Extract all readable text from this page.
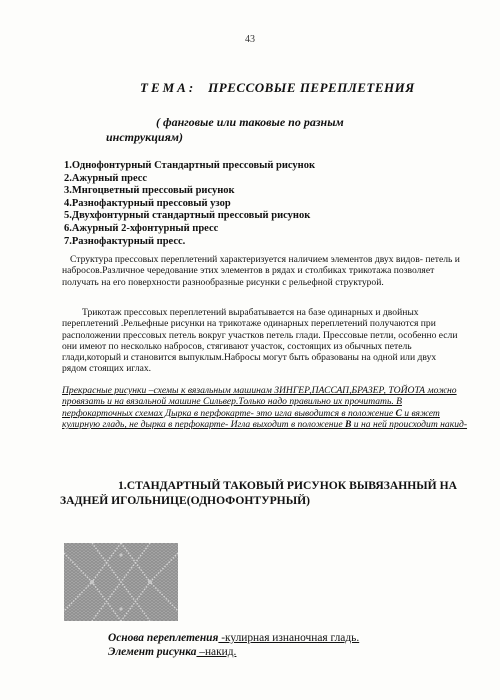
43
ТЕМА: ПРЕССОВЫЕ ПЕРЕПЛЕТЕНИЯ
( фанговые или таковые по разным
инструкциям)
1.Однофонтурный Стандартный прессовый рисунок
2.Ажурный пресс
3.Мнгоцветный прессовый рисунок
4.Разнофактурный прессовый узор
5.Двухфонтурный стандартный прессовый рисунок
6.Ажурный 2-хфонтурный пресс
7.Разнофактурный пресс.

Структура прессовых переплетений характеризуется наличием элементов двух видов- петель и набросов.Различное чередование этих элементов в рядах и столбиках трикотажа позволяет получать на его поверхности разнообразные рисунки с рельефной структурой.

Трикотаж прессовых переплетений вырабатывается на базе одинарных и двойных переплетений .Рельефные рисунки на трикотаже одинарных переплетений получаются при расположении прессовых петель вокруг участков петель глади. Прессовые петли, особенно если они имеют по несколько набросов, стягивают участок, состоящих из обычных петель глади,который и становится выпуклым.Набросы могут быть образованы на одной или двух рядом стоящих иглах.

Прекрасные рисунки –схемы к вязальным машинам ЗИНГЕР,ПАССАП,БРАЗЕР, ТОЙОТА можно провязать и на вязальной машине Сильвер.Только надо правильно их прочитать. В перфокарточных схемах Дырка в перфокарте- это игла выводится в положение С и вяжет кулирную гладь, не дырка в перфокарте- Игла выходит в положение В и на ней происходит накид-

1.СТАНДАРТНЫЙ ТАКОВЫЙ РИСУНОК ВЫВЯЗАННЫЙ НА
ЗАДНЕЙ ИГОЛЬНИЦЕ(ОДНОФОНТУРНЫЙ)
Основа переплетения -кулирная изнаночная гладь.
Элемент рисунка –накид.
